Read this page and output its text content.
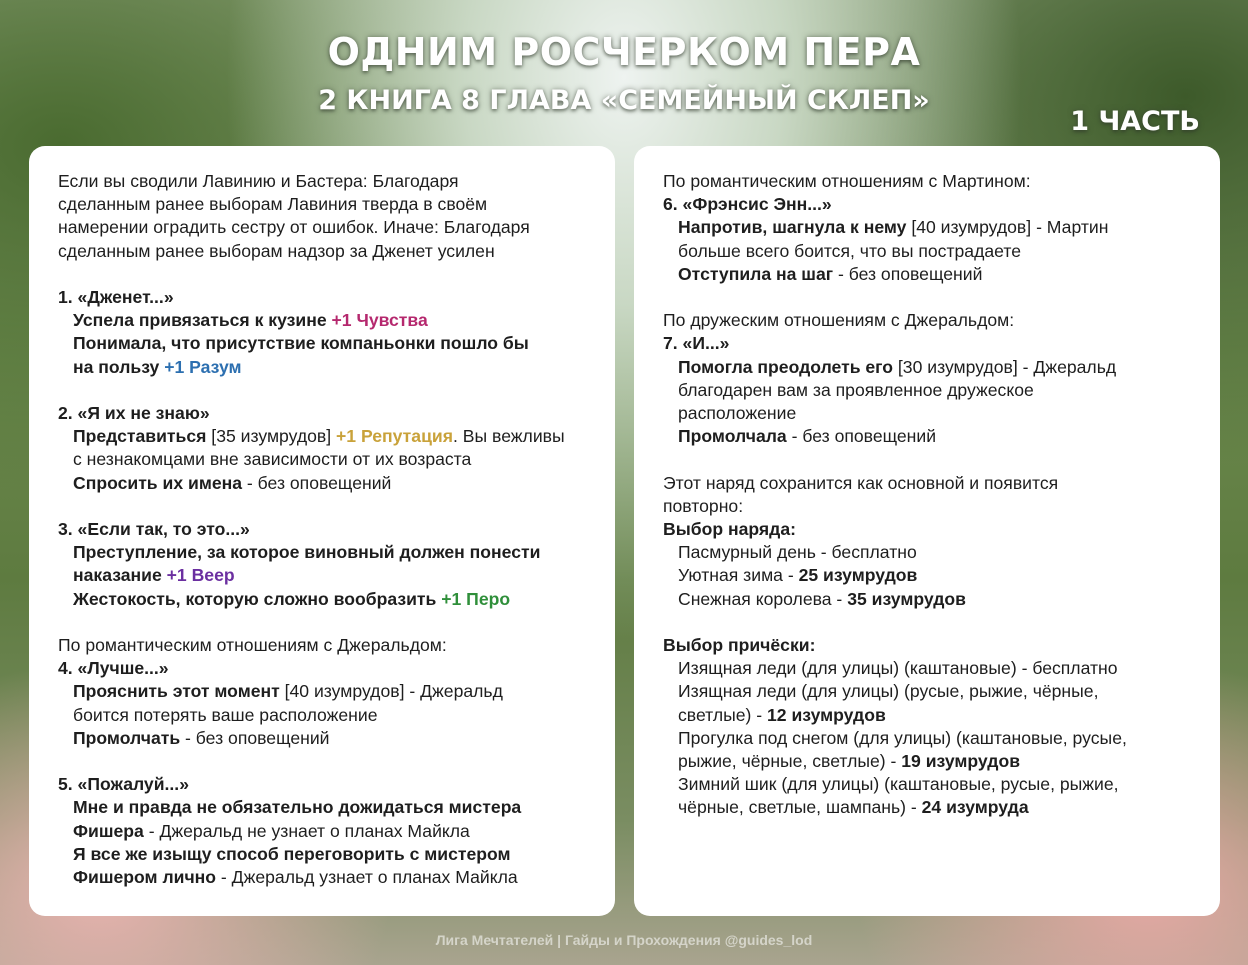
ОДНИМ РОСЧЕРКОМ ПЕРА
2 КНИГА 8 ГЛАВА «СЕМЕЙНЫЙ СКЛЕП»
1 ЧАСТЬ
Если вы сводили Лавинию и Бастера: Благодаря
сделанным ранее выборам Лавиния тверда в своём
намерении оградить сестру от ошибок. Иначе: Благодаря
сделанным ранее выборам надзор за Дженет усилен
1. «Дженет...»
Успела привязаться к кузине +1 Чувства
Понимала, что присутствие компаньонки пошло бы
на пользу +1 Разум
2. «Я их не знаю»
Представиться [35 изумрудов] +1 Репутация. Вы вежливы
с незнакомцами вне зависимости от их возраста
Спросить их имена - без оповещений
3. «Если так, то это...»
Преступление, за которое виновный должен понести
наказание +1 Веер
Жестокость, которую сложно вообразить +1 Перо
По романтическим отношениям с Джеральдом:
4. «Лучше...»
Прояснить этот момент [40 изумрудов] - Джеральд
боится потерять ваше расположение
Промолчать - без оповещений
5. «Пожалуй...»
Мне и правда не обязательно дожидаться мистера
Фишера - Джеральд не узнает о планах Майкла
Я все же изыщу способ переговорить с мистером
Фишером лично - Джеральд узнает о планах Майкла
По романтическим отношениям с Мартином:
6. «Фрэнсис Энн...»
Напротив, шагнула к нему [40 изумрудов] - Мартин
больше всего боится, что вы пострадаете
Отступила на шаг - без оповещений
По дружеским отношениям с Джеральдом:
7. «И...»
Помогла преодолеть его [30 изумрудов] - Джеральд
благодарен вам за проявленное дружеское
расположение
Промолчала - без оповещений
Этот наряд сохранится как основной и появится
повторно:
Выбор наряда:
Пасмурный день - бесплатно
Уютная зима - 25 изумрудов
Снежная королева - 35 изумрудов
Выбор причёски:
Изящная леди (для улицы) (каштановые) - бесплатно
Изящная леди (для улицы) (русые, рыжие, чёрные,
светлые) - 12 изумрудов
Прогулка под снегом (для улицы) (каштановые, русые,
рыжие, чёрные, светлые) - 19 изумрудов
Зимний шик (для улицы) (каштановые, русые, рыжие,
чёрные, светлые, шампань) - 24 изумруда
Лига Мечтателей | Гайды и Прохождения @guides_lod
